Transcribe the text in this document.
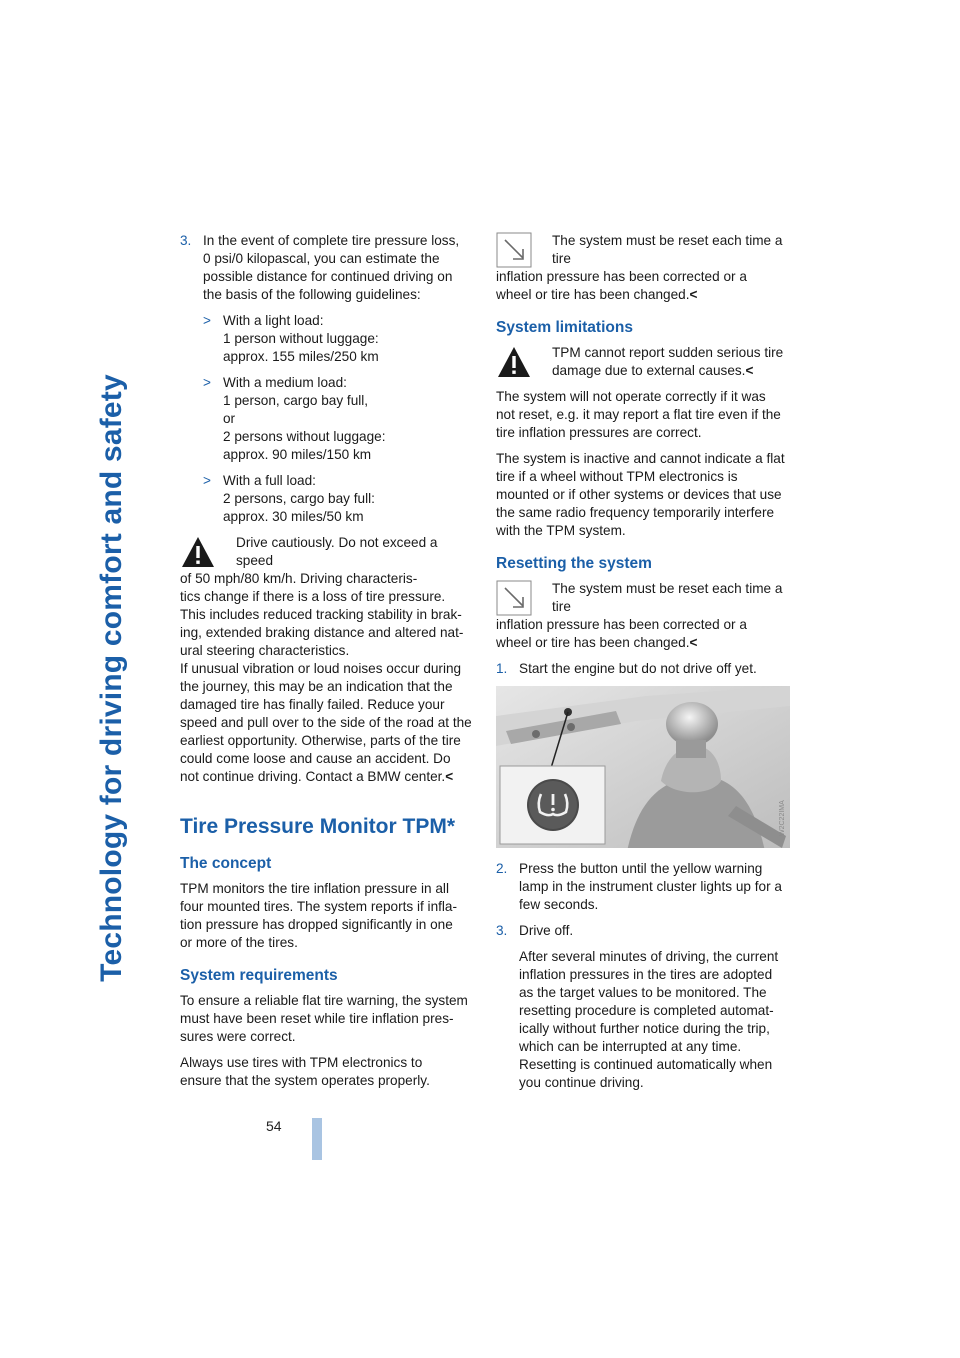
Technology for driving comfort and safety
54
3. In the event of complete tire pressure loss,
0 psi/0 kilopascal, you can estimate the
possible distance for continued driving on
the basis of the following guidelines:
> With a light load:
1 person without luggage:
approx. 155 miles/250 km
> With a medium load:
1 person, cargo bay full,
or
2 persons without luggage:
approx. 90 miles/150 km
> With a full load:
2 persons, cargo bay full:
approx. 30 miles/50 km
Drive cautiously. Do not exceed a speed
of 50 mph/80 km/h. Driving characteris-
tics change if there is a loss of tire pressure.
This includes reduced tracking stability in brak-
ing, extended braking distance and altered nat-
ural steering characteristics.
If unusual vibration or loud noises occur during
the journey, this may be an indication that the
damaged tire has finally failed. Reduce your
speed and pull over to the side of the road at the
earliest opportunity. Otherwise, parts of the tire
could come loose and cause an accident. Do
not continue driving. Contact a BMW center.<
Tire Pressure Monitor TPM*
The concept

TPM monitors the tire inflation pressure in all
four mounted tires. The system reports if infla-
tion pressure has dropped significantly in one
or more of the tires.

System requirements

To ensure a reliable flat tire warning, the system
must have been reset while tire inflation pres-
sures were correct.

Always use tires with TPM electronics to
ensure that the system operates properly.

The system must be reset each time a tire
inflation pressure has been corrected or a
wheel or tire has been changed.<
System limitations
TPM cannot report sudden serious tire
damage due to external causes.<

The system will not operate correctly if it was
not reset, e.g. it may report a flat tire even if the
tire inflation pressures are correct.

The system is inactive and cannot indicate a flat
tire if a wheel without TPM electronics is
mounted or if other systems or devices that use
the same radio frequency temporarily interfere
with the TPM system.

Resetting the system
The system must be reset each time a tire
inflation pressure has been corrected or a
wheel or tire has been changed.<
1. Start the engine but do not drive off yet.
W2C22IMA
2. Press the button until the yellow warning
lamp in the instrument cluster lights up for a
few seconds.
3. Drive off.
After several minutes of driving, the current
inflation pressures in the tires are adopted
as the target values to be monitored. The
resetting procedure is completed automat-
ically without further notice during the trip,
which can be interrupted at any time.
Resetting is continued automatically when
you continue driving.
